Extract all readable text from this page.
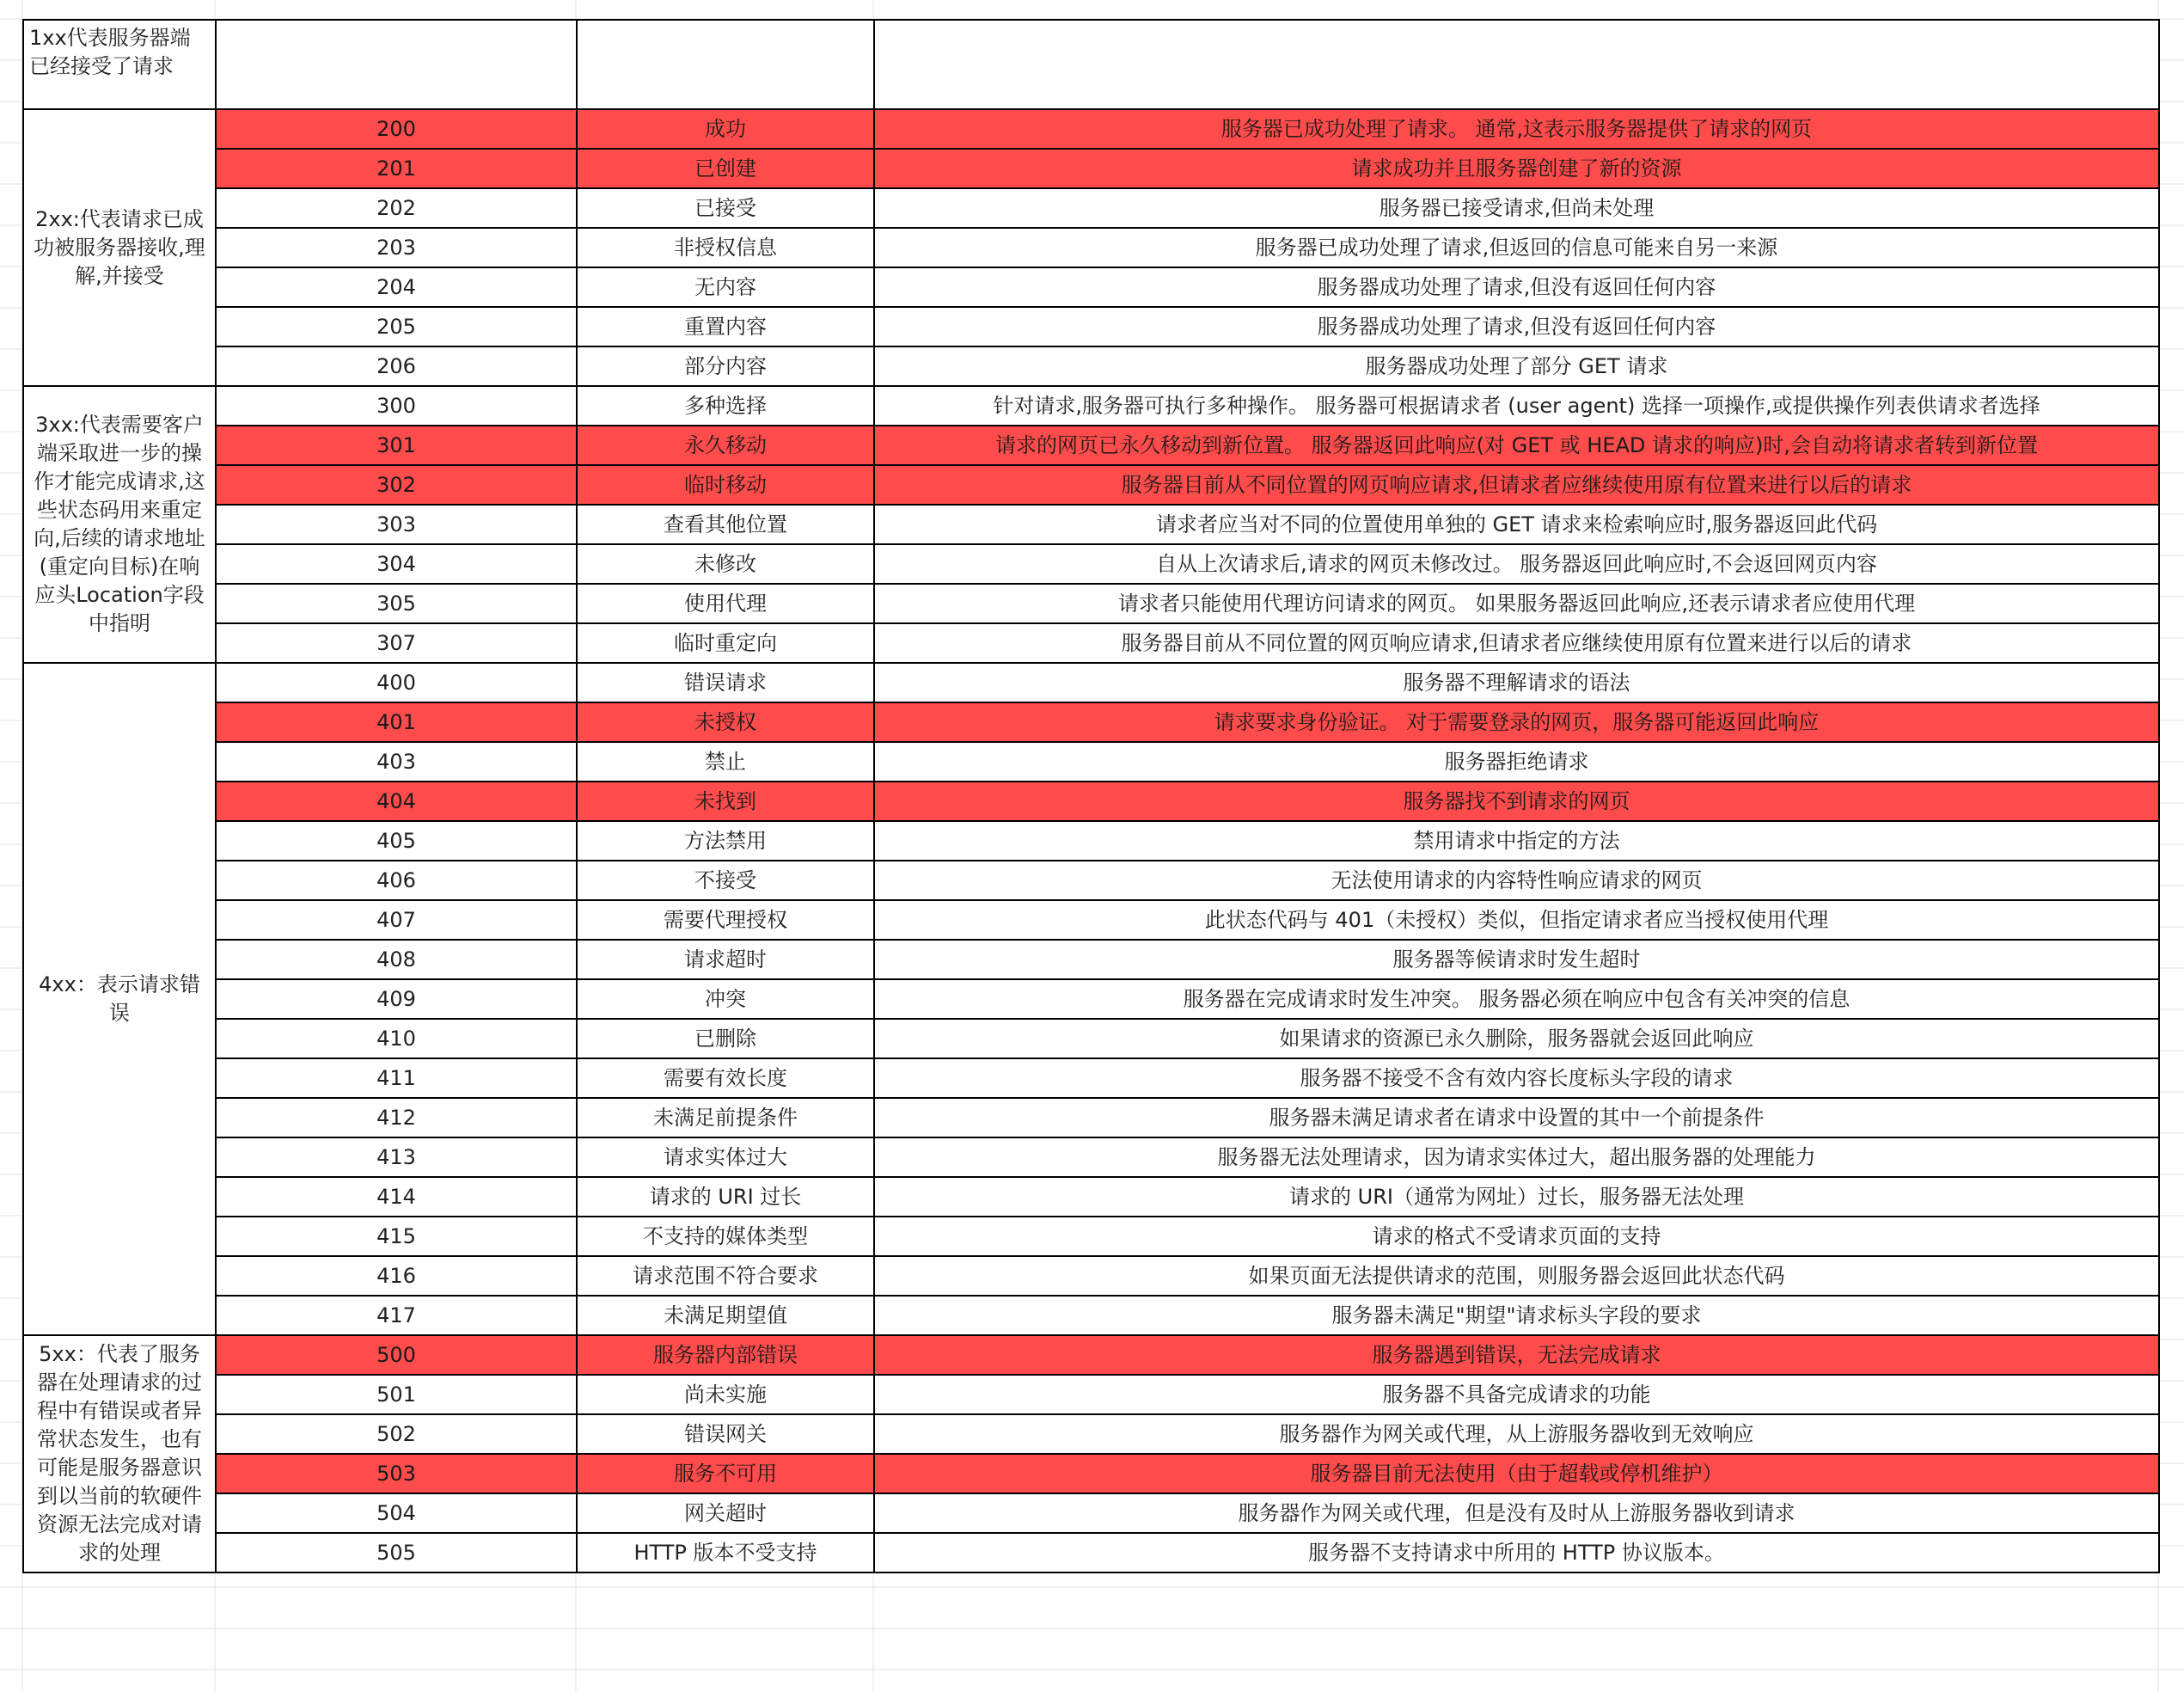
1xx代表服务器端已经接受了请求			
2xx:代表请求已成功被服务器接收,理解,并接受	200	成功	服务器已成功处理了请求。 通常,这表示服务器提供了请求的网页
	201	已创建	请求成功并且服务器创建了新的资源
	202	已接受	服务器已接受请求,但尚未处理
	203	非授权信息	服务器已成功处理了请求,但返回的信息可能来自另一来源
	204	无内容	服务器成功处理了请求,但没有返回任何内容
	205	重置内容	服务器成功处理了请求,但没有返回任何内容
	206	部分内容	服务器成功处理了部分 GET 请求
3xx:代表需要客户端采取进一步的操作才能完成请求,这些状态码用来重定向,后续的请求地址(重定向目标)在响应头Location字段中指明	300	多种选择	针对请求,服务器可执行多种操作。 服务器可根据请求者 (user agent) 选择一项操作,或提供操作列表供请求者选择
	301	永久移动	请求的网页已永久移动到新位置。 服务器返回此响应(对 GET 或 HEAD 请求的响应)时,会自动将请求者转到新位置
	302	临时移动	服务器目前从不同位置的网页响应请求,但请求者应继续使用原有位置来进行以后的请求
	303	查看其他位置	请求者应当对不同的位置使用单独的 GET 请求来检索响应时,服务器返回此代码
	304	未修改	自从上次请求后,请求的网页未修改过。 服务器返回此响应时,不会返回网页内容
	305	使用代理	请求者只能使用代理访问请求的网页。 如果服务器返回此响应,还表示请求者应使用代理
	307	临时重定向	服务器目前从不同位置的网页响应请求,但请求者应继续使用原有位置来进行以后的请求
4xx：表示请求错误	400	错误请求	服务器不理解请求的语法
	401	未授权	请求要求身份验证。 对于需要登录的网页，服务器可能返回此响应
	403	禁止	服务器拒绝请求
	404	未找到	服务器找不到请求的网页
	405	方法禁用	禁用请求中指定的方法
	406	不接受	无法使用请求的内容特性响应请求的网页
	407	需要代理授权	此状态代码与 401（未授权）类似，但指定请求者应当授权使用代理
	408	请求超时	服务器等候请求时发生超时
	409	冲突	服务器在完成请求时发生冲突。 服务器必须在响应中包含有关冲突的信息
	410	已删除	如果请求的资源已永久删除，服务器就会返回此响应
	411	需要有效长度	服务器不接受不含有效内容长度标头字段的请求
	412	未满足前提条件	服务器未满足请求者在请求中设置的其中一个前提条件
	413	请求实体过大	服务器无法处理请求，因为请求实体过大，超出服务器的处理能力
	414	请求的 URI 过长	请求的 URI（通常为网址）过长，服务器无法处理
	415	不支持的媒体类型	请求的格式不受请求页面的支持
	416	请求范围不符合要求	如果页面无法提供请求的范围，则服务器会返回此状态代码
	417	未满足期望值	服务器未满足"期望"请求标头字段的要求
5xx：代表了服务器在处理请求的过程中有错误或者异常状态发生，也有可能是服务器意识到以当前的软硬件资源无法完成对请求的处理	500	服务器内部错误	服务器遇到错误，无法完成请求
	501	尚未实施	服务器不具备完成请求的功能
	502	错误网关	服务器作为网关或代理，从上游服务器收到无效响应
	503	服务不可用	服务器目前无法使用（由于超载或停机维护）
	504	网关超时	服务器作为网关或代理，但是没有及时从上游服务器收到请求
	505	HTTP 版本不受支持	服务器不支持请求中所用的 HTTP 协议版本。
